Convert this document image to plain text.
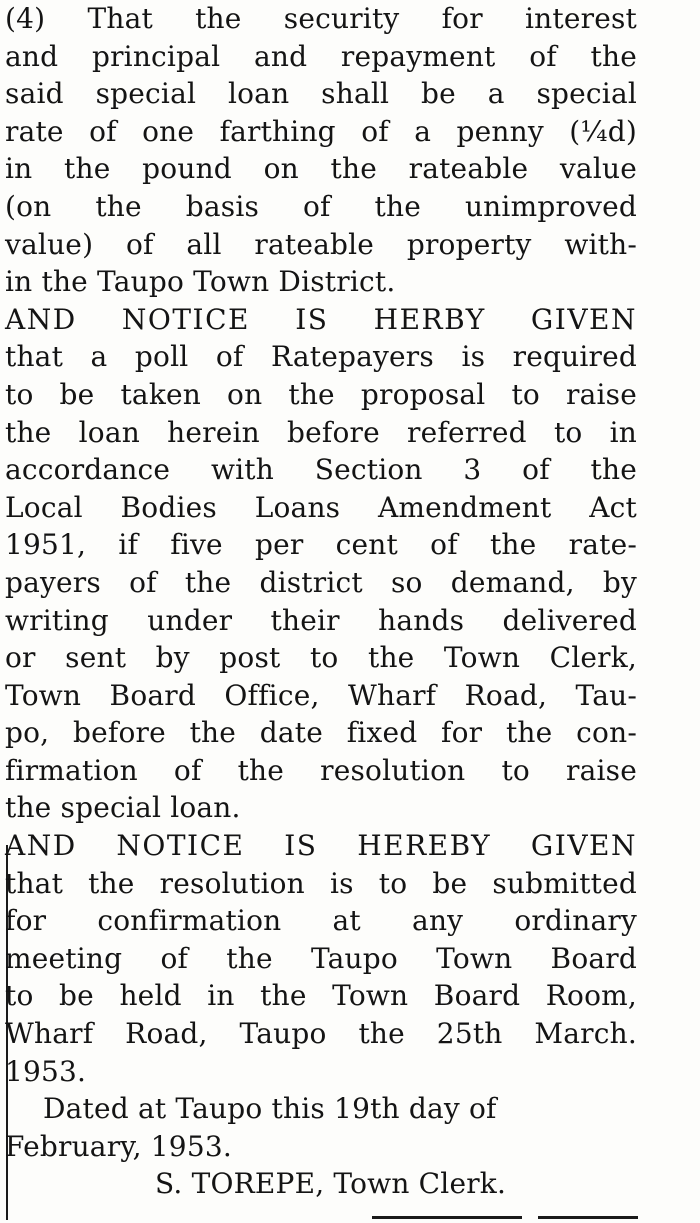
(4) That the security for interest
and principal and repayment of the
said special loan shall be a special
rate of one farthing of a penny (¼d)
in the pound on the rateable value
(on the basis of the unimproved
value) of all rateable property with-
in the Taupo Town District.
AND NOTICE IS HERBY GIVEN
that a poll of Ratepayers is required
to be taken on the proposal to raise
the loan herein before referred to in
accordance with Section 3 of the
Local Bodies Loans Amendment Act
1951, if five per cent of the rate-
payers of the district so demand, by
writing under their hands delivered
or sent by post to the Town Clerk,
Town Board Office, Wharf Road, Tau-
po, before the date fixed for the con-
firmation of the resolution to raise
the special loan.
AND NOTICE IS HEREBY GIVEN
that the resolution is to be submitted
for confirmation at any ordinary
meeting of the Taupo Town Board
to be held in the Town Board Room,
Wharf Road, Taupo the 25th March.
1953.
Dated at Taupo this 19th day of
February, 1953.
S. TOREPE, Town Clerk.
